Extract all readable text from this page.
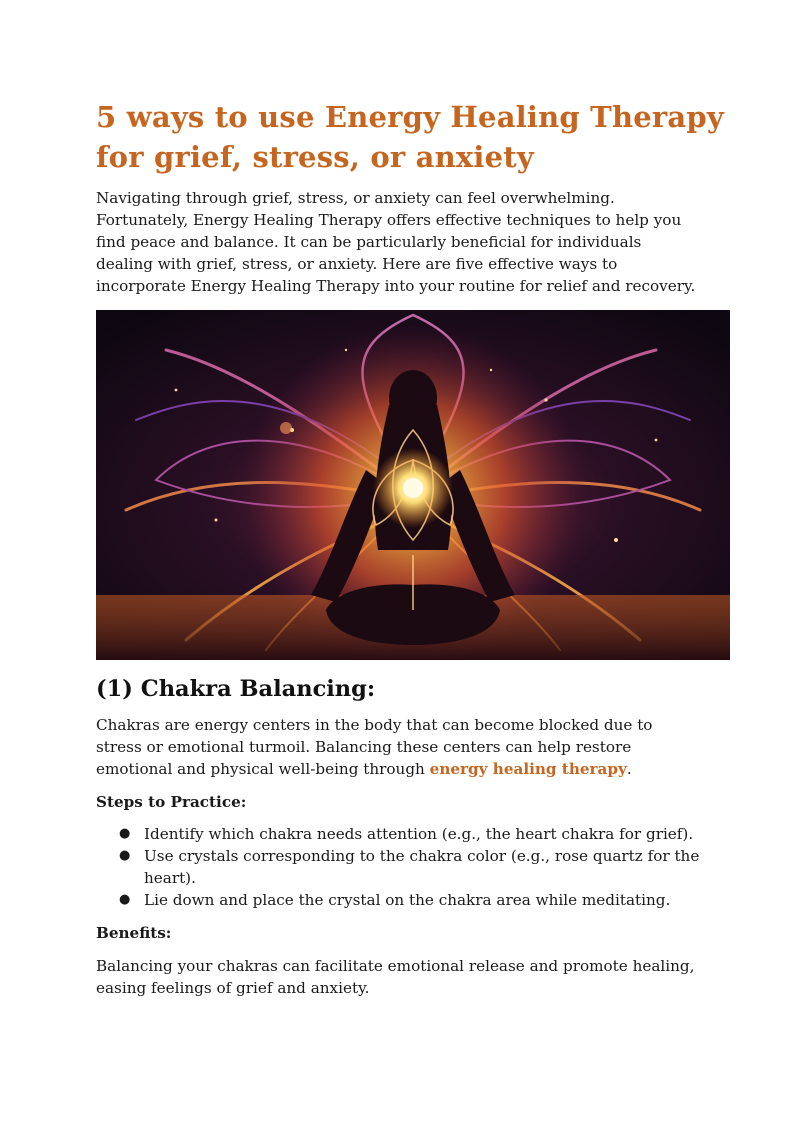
5 ways to use Energy Healing Therapy for grief, stress, or anxiety

Navigating through grief, stress, or anxiety can feel overwhelming. Fortunately, Energy Healing Therapy offers effective techniques to help you find peace and balance. It can be particularly beneficial for individuals dealing with grief, stress, or anxiety. Here are five effective ways to incorporate Energy Healing Therapy into your routine for relief and recovery.

(1) Chakra Balancing:

Chakras are energy centers in the body that can become blocked due to stress or emotional turmoil. Balancing these centers can help restore emotional and physical well-being through energy healing therapy.

Steps to Practice:
● Identify which chakra needs attention (e.g., the heart chakra for grief).
● Use crystals corresponding to the chakra color (e.g., rose quartz for the heart).
● Lie down and place the crystal on the chakra area while meditating.
Benefits:

Balancing your chakras can facilitate emotional release and promote healing, easing feelings of grief and anxiety.
